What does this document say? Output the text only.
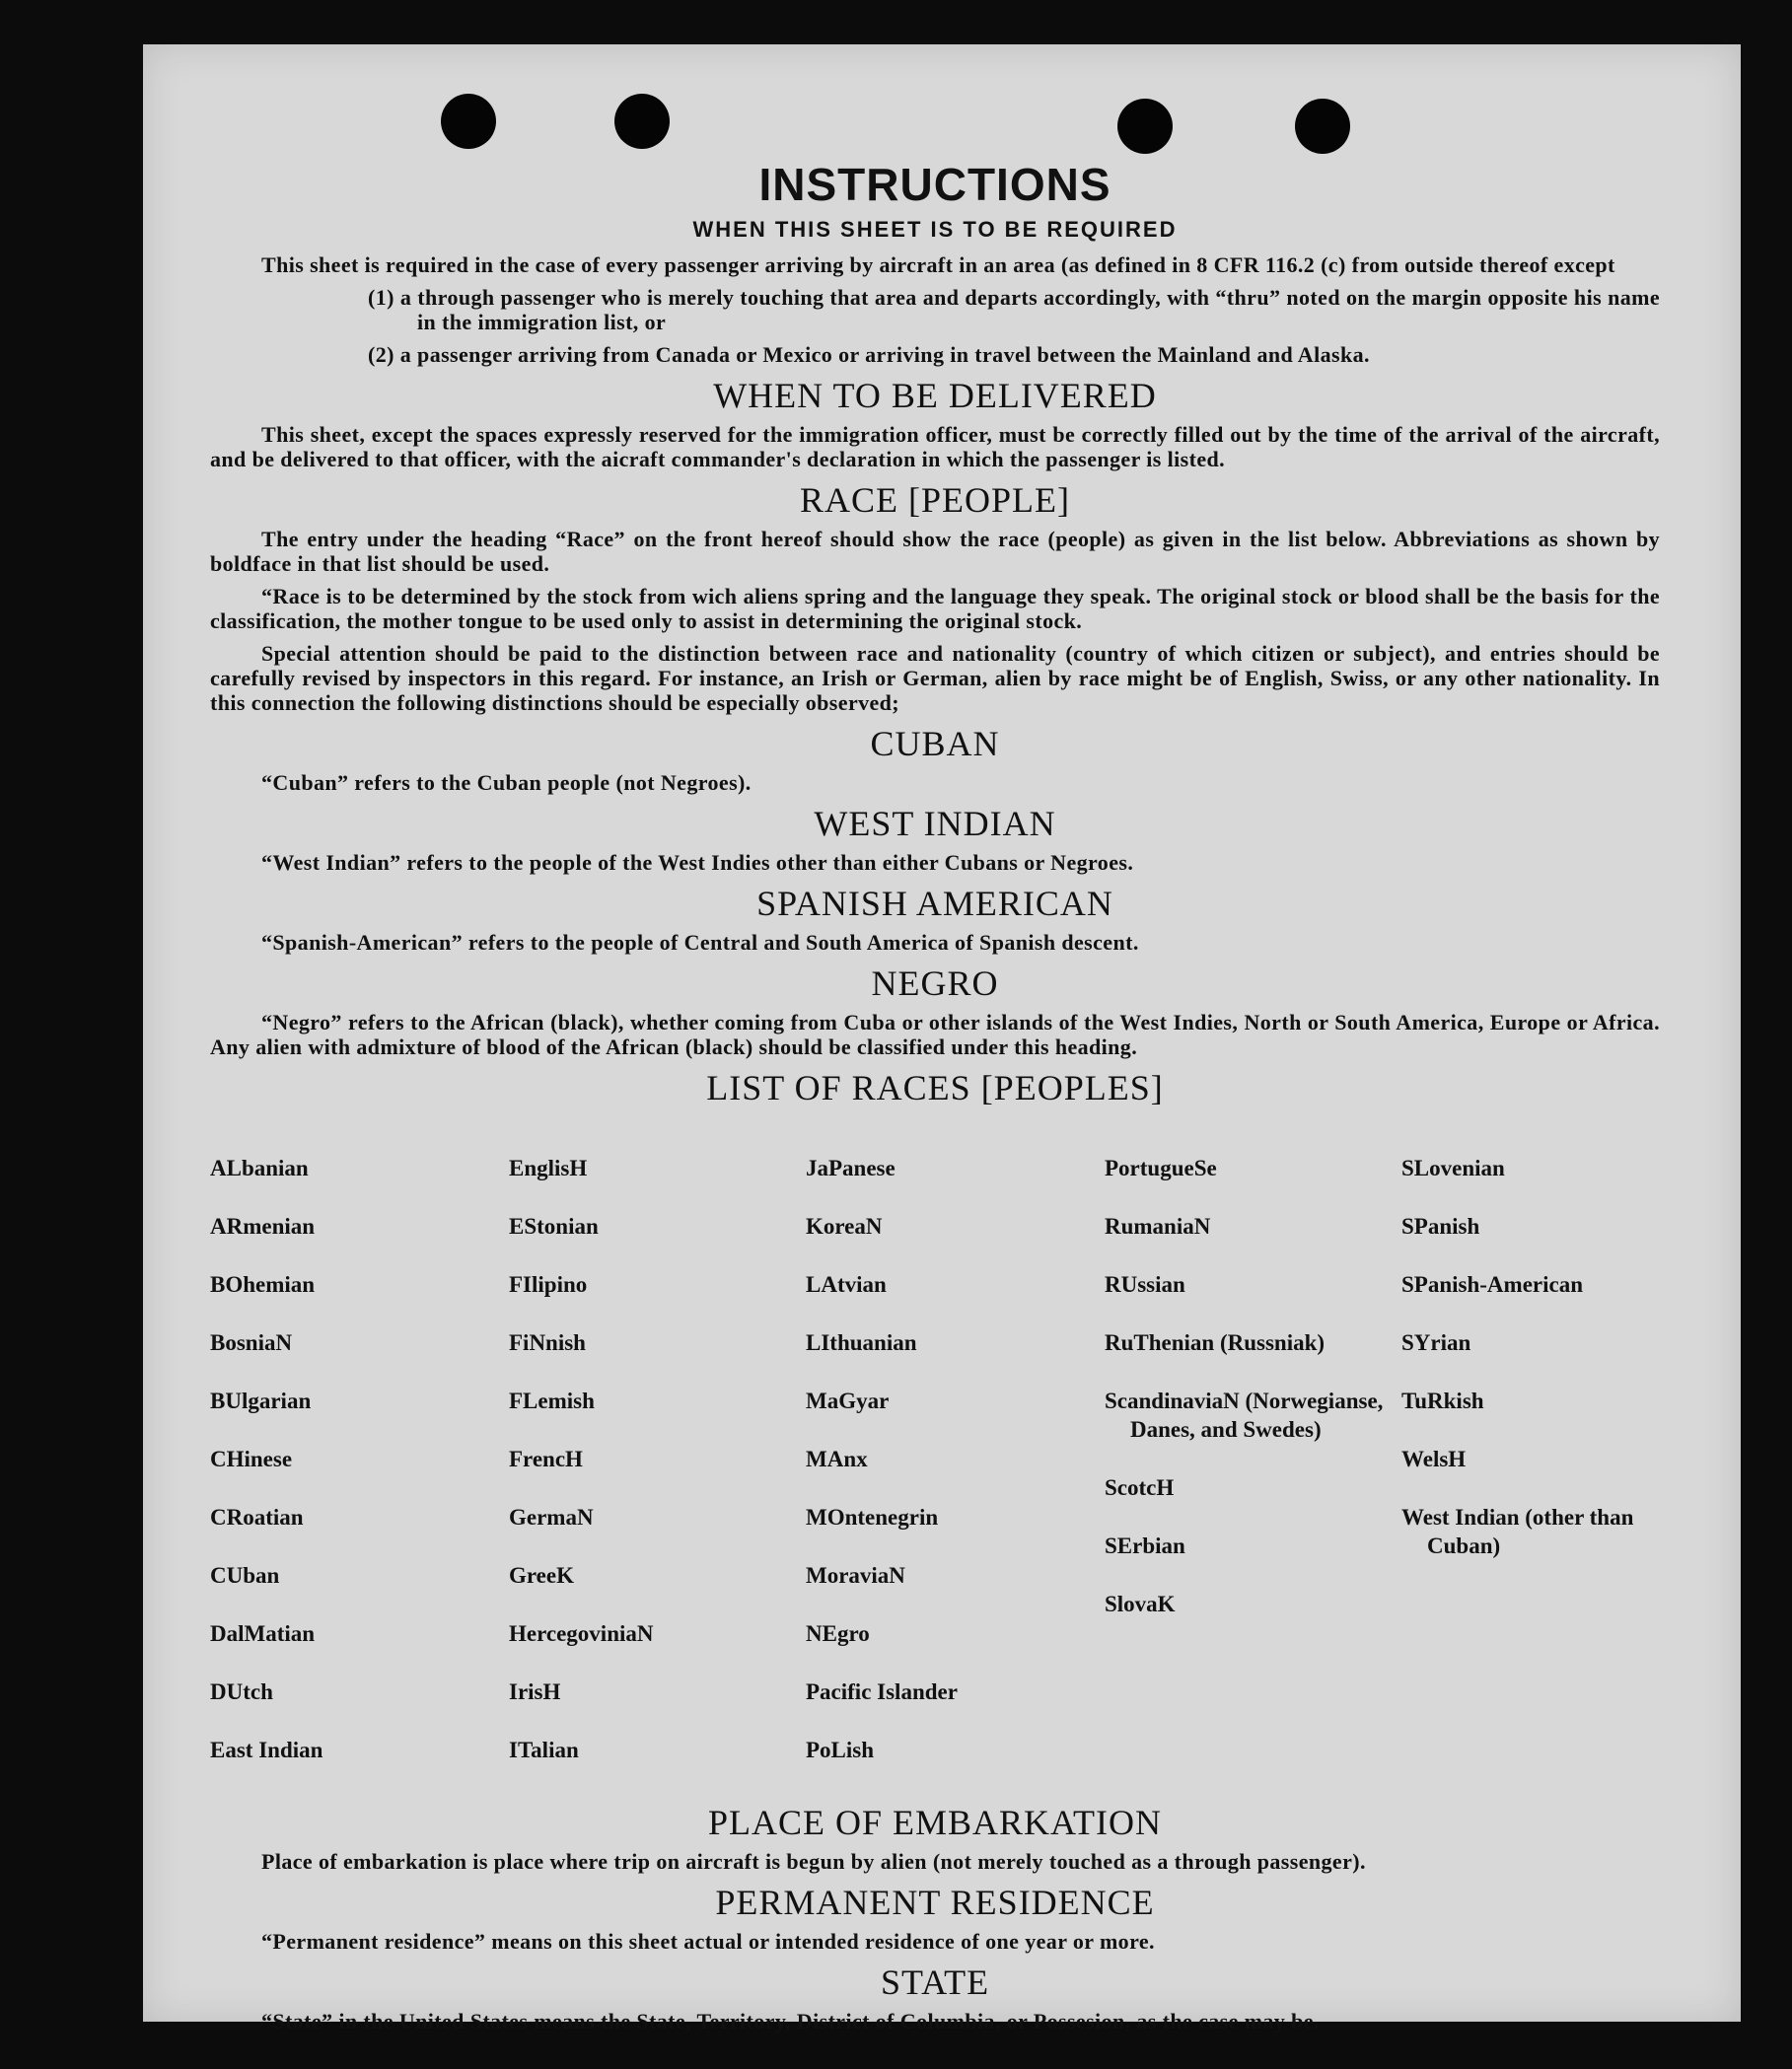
INSTRUCTIONS
WHEN THIS SHEET IS TO BE REQUIRED

This sheet is required in the case of every passenger arriving by aircraft in an area (as defined in 8 CFR 116.2 (c) from outside thereof except

(1) a through passenger who is merely touching that area and departs accordingly, with “thru” noted on the margin opposite his name in the immigration list, or

(2) a passenger arriving from Canada or Mexico or arriving in travel between the Mainland and Alaska.

WHEN TO BE DELIVERED

This sheet, except the spaces expressly reserved for the immigration officer, must be correctly filled out by the time of the arrival of the aircraft, and be delivered to that officer, with the aicraft commander's declaration in which the passenger is listed.

RACE [PEOPLE]

The entry under the heading “Race” on the front hereof should show the race (people) as given in the list below. Abbreviations as shown by boldface in that list should be used.

“Race is to be determined by the stock from wich aliens spring and the language they speak. The original stock or blood shall be the basis for the classification, the mother tongue to be used only to assist in determining the original stock.

Special attention should be paid to the distinction between race and nationality (country of which citizen or subject), and entries should be carefully revised by inspectors in this regard. For instance, an Irish or German, alien by race might be of English, Swiss, or any other nationality. In this connection the following distinctions should be especially observed;

CUBAN

“Cuban” refers to the Cuban people (not Negroes).

WEST INDIAN

“West Indian” refers to the people of the West Indies other than either Cubans or Negroes.

SPANISH AMERICAN

“Spanish-American” refers to the people of Central and South America of Spanish descent.

NEGRO

“Negro” refers to the African (black), whether coming from Cuba or other islands of the West Indies, North or South America, Europe or Africa. Any alien with admixture of blood of the African (black) should be classified under this heading.

LIST OF RACES [PEOPLES]

ALbanian

ARmenian

BOhemian

BosniaN

BUlgarian

CHinese

CRoatian

CUban

DalMatian

DUtch

East Indian

EnglisH

EStonian

FIlipino

FiNnish

FLemish

FrencH

GermaN

GreeK

HercegoviniaN

IrisH

ITalian

JaPanese

KoreaN

LAtvian

LIthuanian

MaGyar

MAnx

MOntenegrin

MoraviaN

NEgro

Pacific Islander

PoLish

PortugueSe

RumaniaN

RUssian

RuThenian (Russniak)

ScandinaviaN (Norwegianse, Danes, and Swedes)

ScotcH

SErbian

SlovaK

SLovenian

SPanish

SPanish-American

SYrian

TuRkish

WelsH

West Indian (other than Cuban)

PLACE OF EMBARKATION

Place of embarkation is place where trip on aircraft is begun by alien (not merely touched as a through passenger).

PERMANENT RESIDENCE

“Permanent residence” means on this sheet actual or intended residence of one year or more.

STATE

“State” in the United States means the State, Territory, District of Columbia, or Possesion, as the case may be.
